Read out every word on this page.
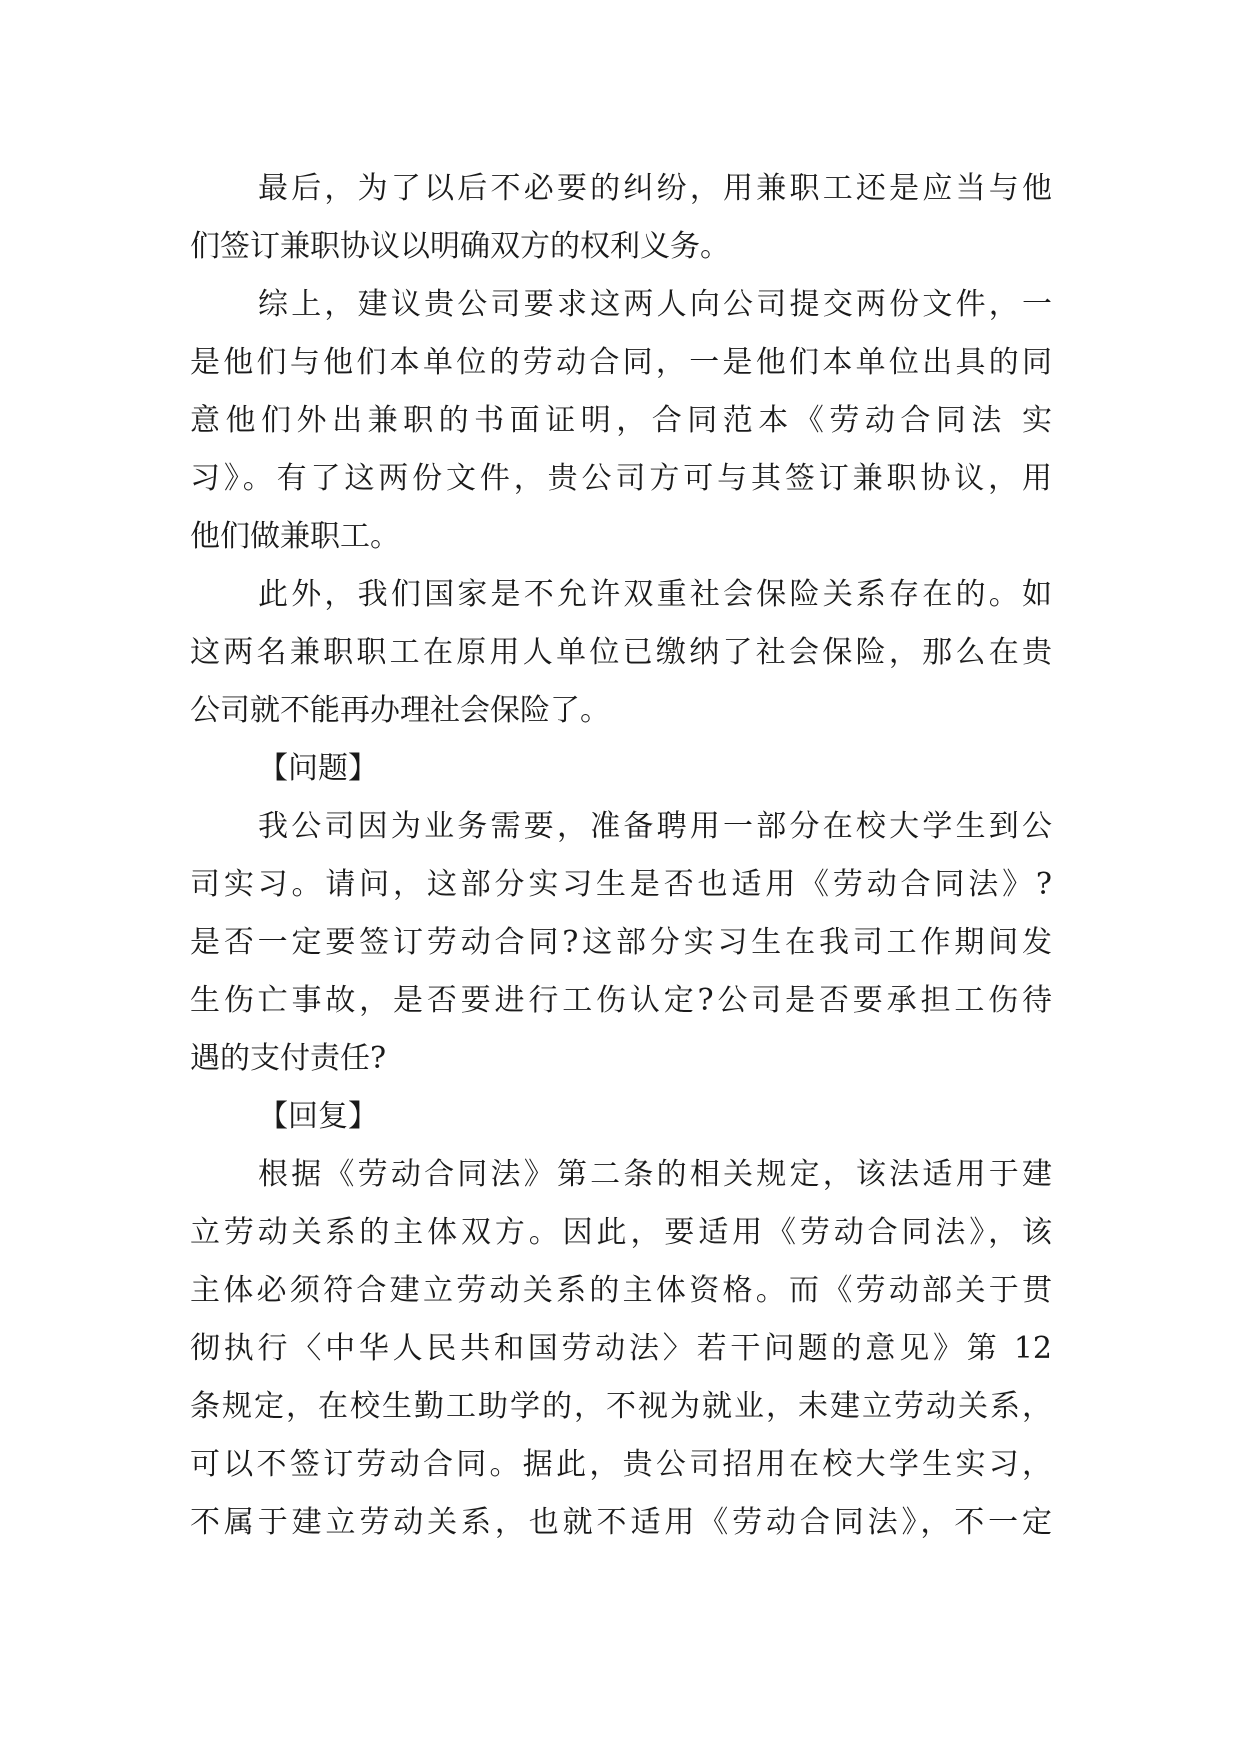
最后，为了以后不必要的纠纷，用兼职工还是应当与他
们签订兼职协议以明确双方的权利义务。
综上，建议贵公司要求这两人向公司提交两份文件，一
是他们与他们本单位的劳动合同，一是他们本单位出具的同
意他们外出兼职的书面证明，合同范本《劳动合同法 实
习》。有了这两份文件，贵公司方可与其签订兼职协议，用
他们做兼职工。
此外，我们国家是不允许双重社会保险关系存在的。如
这两名兼职职工在原用人单位已缴纳了社会保险，那么在贵
公司就不能再办理社会保险了。
【问题】
我公司因为业务需要，准备聘用一部分在校大学生到公
司实习。请问，这部分实习生是否也适用《劳动合同法》?
是否一定要签订劳动合同?这部分实习生在我司工作期间发
生伤亡事故，是否要进行工伤认定?公司是否要承担工伤待
遇的支付责任?
【回复】
根据《劳动合同法》第二条的相关规定，该法适用于建
立劳动关系的主体双方。因此，要适用《劳动合同法》，该
主体必须符合建立劳动关系的主体资格。而《劳动部关于贯
彻执行〈中华人民共和国劳动法〉若干问题的意见》第 12
条规定，在校生勤工助学的，不视为就业，未建立劳动关系，
可以不签订劳动合同。据此，贵公司招用在校大学生实习，
不属于建立劳动关系，也就不适用《劳动合同法》，不一定
